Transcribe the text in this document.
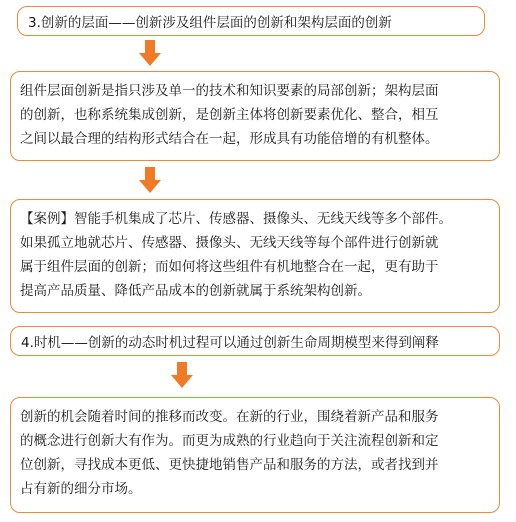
3.创新的层面——创新涉及组件层面的创新和架构层面的创新
组件层面创新是指只涉及单一的技术和知识要素的局部创新；架构层面
的创新，也称系统集成创新，是创新主体将创新要素优化、整合，相互
之间以最合理的结构形式结合在一起，形成具有功能倍增的有机整体。
【案例】智能手机集成了芯片、传感器、摄像头、无线天线等多个部件。
如果孤立地就芯片、传感器、摄像头、无线天线等每个部件进行创新就
属于组件层面的创新；而如何将这些组件有机地整合在一起，更有助于
提高产品质量、降低产品成本的创新就属于系统架构创新。
4.时机——创新的动态时机过程可以通过创新生命周期模型来得到阐释
创新的机会随着时间的推移而改变。在新的行业，围绕着新产品和服务
的概念进行创新大有作为。而更为成熟的行业趋向于关注流程创新和定
位创新，寻找成本更低、更快捷地销售产品和服务的方法，或者找到并
占有新的细分市场。
